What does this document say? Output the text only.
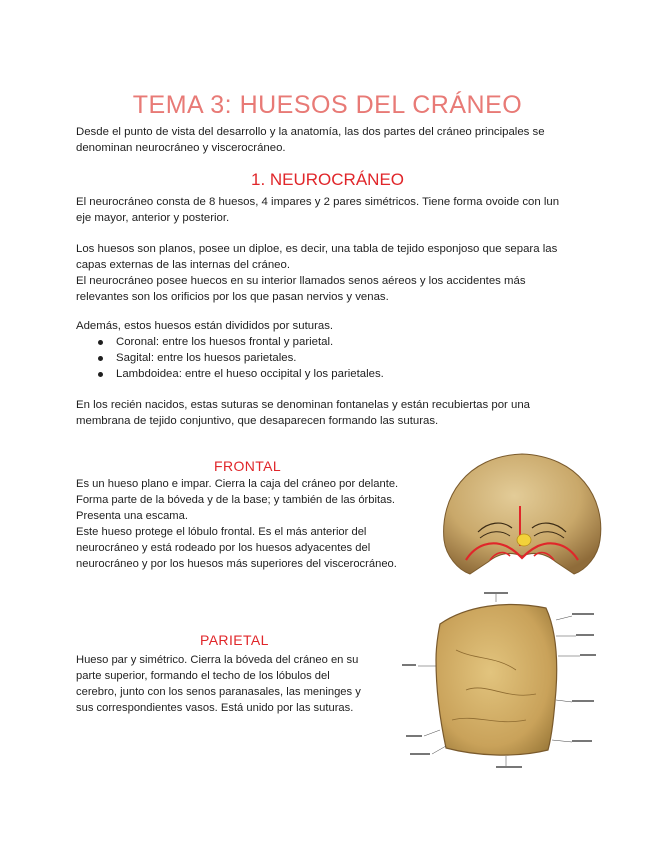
TEMA 3: HUESOS DEL CRÁNEO

Desde el punto de vista del desarrollo y la anatomía, las dos partes del cráneo principales se
denominan neurocráneo y viscerocráneo.

1. NEUROCRÁNEO

El neurocráneo consta de 8 huesos, 4 impares y 2 pares simétricos. Tiene forma ovoide con lun
eje mayor, anterior y posterior.

Los huesos son planos, posee un diploe, es decir, una tabla de tejido esponjoso que separa las
capas externas de las internas del cráneo.
El neurocráneo posee huecos en su interior llamados senos aéreos y los accidentes más
relevantes son los orificios por los que pasan nervios y venas.

Además, estos huesos están divididos por suturas.

Coronal: entre los huesos frontal y parietal.
Sagital: entre los huesos parietales.
Lambdoidea: entre el hueso occipital y los parietales.

En los recién nacidos, estas suturas se denominan fontanelas y están recubiertas por una
membrana de tejido conjuntivo, que desaparecen formando las suturas.

FRONTAL

Es un hueso plano e impar. Cierra la caja del cráneo por delante.
Forma parte de la bóveda y de la base; y también de las órbitas.
Presenta una escama.
Este hueso protege el lóbulo frontal. Es el más anterior del
neurocráneo y está rodeado por los huesos adyacentes del
neurocráneo y por los huesos más superiores del viscerocráneo.

PARIETAL

Hueso par y simétrico. Cierra la bóveda del cráneo en su
parte superior, formando el techo de los lóbulos del
cerebro, junto con los senos paranasales, las meninges y
sus correspondientes vasos. Está unido por las suturas.
